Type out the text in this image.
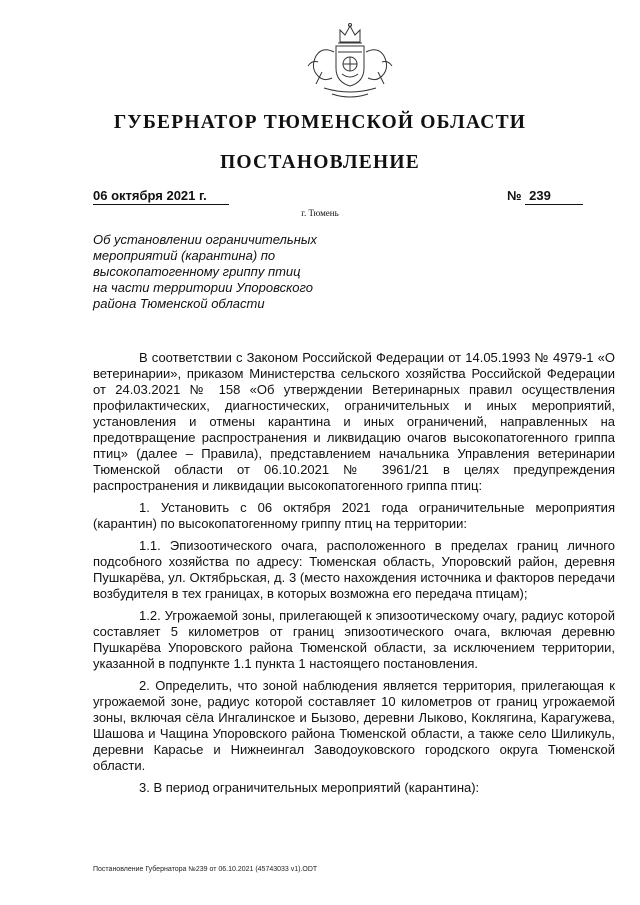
ГУБЕРНАТОР ТЮМЕНСКОЙ ОБЛАСТИ
ПОСТАНОВЛЕНИЕ
06 октября 2021 г.	№ 239
г. Тюмень
Об установлении ограничительных
мероприятий (карантина) по
высокопатогенному гриппу птиц
на части территории Упоровского
района Тюменской области

В соответствии с Законом Российской Федерации от 14.05.1993 № 4979-1 «О ветеринарии», приказом Министерства сельского хозяйства Российской Федерации от 24.03.2021 № 158 «Об утверждении Ветеринарных правил осуществления профилактических, диагностических, ограничительных и иных мероприятий, установления и отмены карантина и иных ограничений, направленных на предотвращение распространения и ликвидацию очагов высокопатогенного гриппа птиц» (далее – Правила), представлением начальника Управления ветеринарии Тюменской области от 06.10.2021 № 3961/21 в целях предупреждения распространения и ликвидации высокопатогенного гриппа птиц:

1. Установить с 06 октября 2021 года ограничительные мероприятия (карантин) по высокопатогенному гриппу птиц на территории:

1.1. Эпизоотического очага, расположенного в пределах границ личного подсобного хозяйства по адресу: Тюменская область, Упоровский район, деревня Пушкарёва, ул. Октябрьская, д. 3 (место нахождения источника и факторов передачи возбудителя в тех границах, в которых возможна его передача птицам);

1.2. Угрожаемой зоны, прилегающей к эпизоотическому очагу, радиус которой составляет 5 километров от границ эпизоотического очага, включая деревню Пушкарёва Упоровского района Тюменской области, за исключением территории, указанной в подпункте 1.1 пункта 1 настоящего постановления.

2. Определить, что зоной наблюдения является территория, прилегающая к угрожаемой зоне, радиус которой составляет 10 километров от границ угрожаемой зоны, включая сёла Ингалинское и Бызово, деревни Лыково, Коклягина, Карагужева, Шашова и Чащина Упоровского района Тюменской области, а также село Шиликуль, деревни Карасье и Нижнеингал Заводоуковского городского округа Тюменской области.

3. В период ограничительных мероприятий (карантина):

Постановление Губернатора №239 от 06.10.2021 (45743033 v1).ODT
